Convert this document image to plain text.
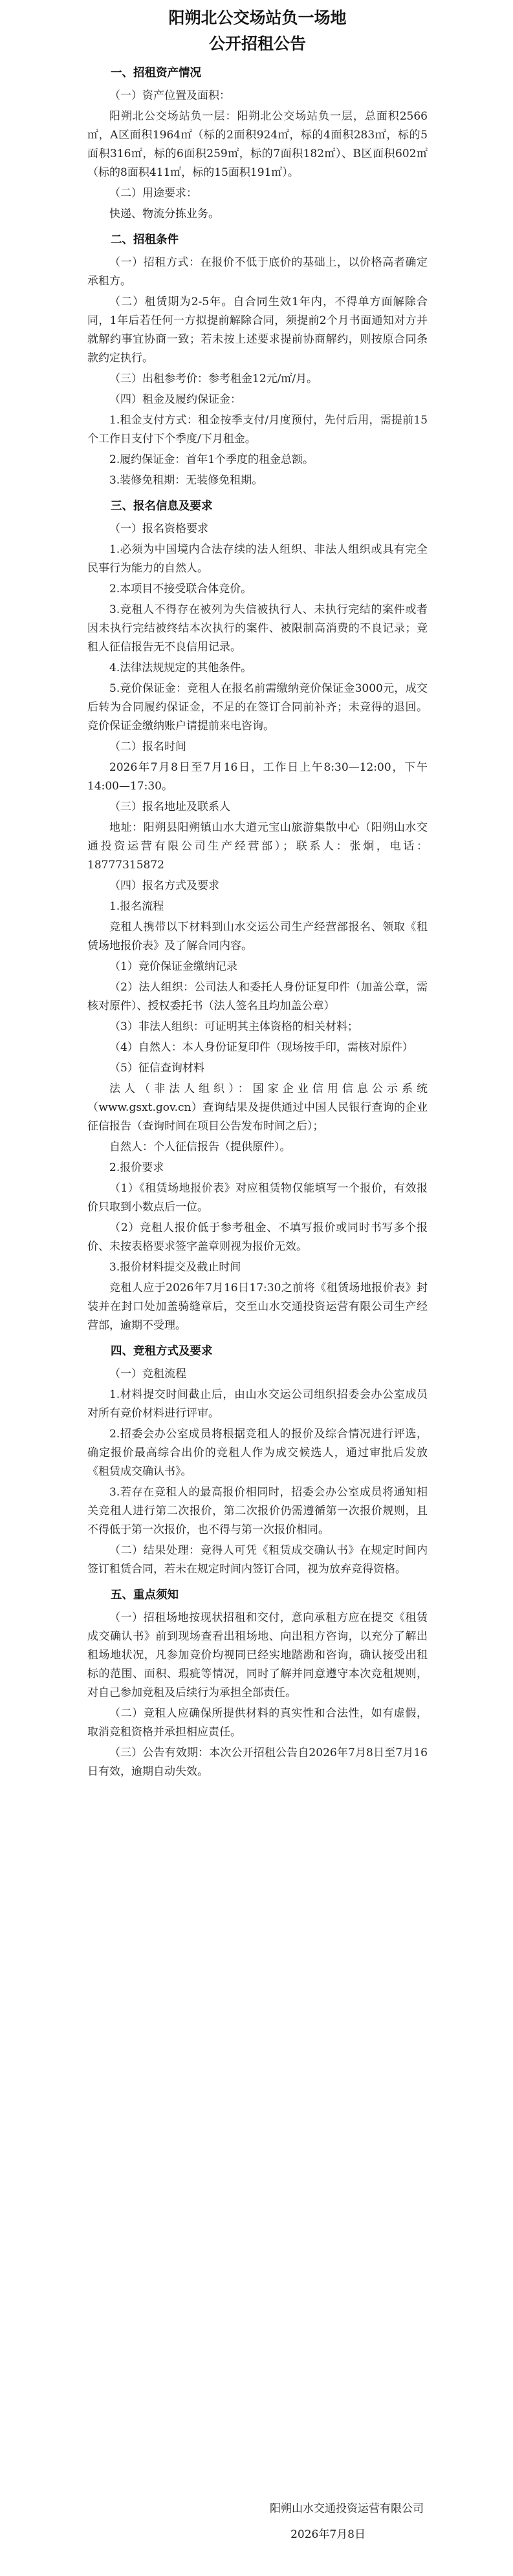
阳朔北公交场站负一场地
公开招租公告
一、招租资产情况

（一）资产位置及面积：

阳朔北公交场站负一层：阳朔北公交场站负一层，总面积2566㎡，A区面积1964㎡（标的2面积924㎡，标的4面积283㎡，标的5面积316㎡，标的6面积259㎡，标的7面积182㎡）、B区面积602㎡（标的8面积411㎡，标的15面积191㎡）。

（二）用途要求：

快递、物流分拣业务。

二、招租条件

（一）招租方式：在报价不低于底价的基础上，以价格高者确定承租方。

（二）租赁期为2-5年。自合同生效1年内，不得单方面解除合同，1年后若任何一方拟提前解除合同，须提前2个月书面通知对方并就解约事宜协商一致；若未按上述要求提前协商解约，则按原合同条款约定执行。

（三）出租参考价：参考租金12元/㎡/月。

（四）租金及履约保证金：

1.租金支付方式：租金按季支付/月度预付，先付后用，需提前15个工作日支付下个季度/下月租金。

2.履约保证金：首年1个季度的租金总额。

3.装修免租期：无装修免租期。

三、报名信息及要求

（一）报名资格要求

1.必须为中国境内合法存续的法人组织、非法人组织或具有完全民事行为能力的自然人。

2.本项目不接受联合体竞价。

3.竞租人不得存在被列为失信被执行人、未执行完结的案件或者因未执行完结被终结本次执行的案件、被限制高消费的不良记录；竞租人征信报告无不良信用记录。

4.法律法规规定的其他条件。

5.竞价保证金：竞租人在报名前需缴纳竞价保证金3000元，成交后转为合同履约保证金，不足的在签订合同前补齐；未竞得的退回。竞价保证金缴纳账户请提前来电咨询。

（二）报名时间

2026年7月8日至7月16日，工作日上午8:30—12:00，下午14:00—17:30。

（三）报名地址及联系人

地址：阳朔县阳朔镇山水大道元宝山旅游集散中心（阳朔山水交通投资运营有限公司生产经营部）；联系人：张炯，电话：18777315872

（四）报名方式及要求

1.报名流程

竞租人携带以下材料到山水交运公司生产经营部报名、领取《租赁场地报价表》及了解合同内容。

（1）竞价保证金缴纳记录

（2）法人组织：公司法人和委托人身份证复印件（加盖公章，需核对原件）、授权委托书（法人签名且均加盖公章）

（3）非法人组织：可证明其主体资格的相关材料；

（4）自然人：本人身份证复印件（现场按手印，需核对原件）

（5）征信查询材料

法人（非法人组织）：国家企业信用信息公示系统（www.gsxt.gov.cn）查询结果及提供通过中国人民银行查询的企业征信报告（查询时间在项目公告发布时间之后）；

自然人：个人征信报告（提供原件）。

2.报价要求

（1）《租赁场地报价表》对应租赁物仅能填写一个报价，有效报价只取到小数点后一位。

（2）竞租人报价低于参考租金、不填写报价或同时书写多个报价、未按表格要求签字盖章则视为报价无效。

3.报价材料提交及截止时间

竞租人应于2026年7月16日17:30之前将《租赁场地报价表》封装并在封口处加盖骑缝章后，交至山水交通投资运营有限公司生产经营部，逾期不受理。

四、竞租方式及要求

（一）竞租流程

1.材料提交时间截止后，由山水交运公司组织招委会办公室成员对所有竞价材料进行评审。

2.招委会办公室成员将根据竞租人的报价及综合情况进行评选，确定报价最高综合出价的竞租人作为成交候选人，通过审批后发放《租赁成交确认书》。

3.若存在竞租人的最高报价相同时，招委会办公室成员将通知相关竞租人进行第二次报价，第二次报价仍需遵循第一次报价规则，且不得低于第一次报价，也不得与第一次报价相同。

（二）结果处理：竞得人可凭《租赁成交确认书》在规定时间内签订租赁合同，若未在规定时间内签订合同，视为放弃竞得资格。

五、重点须知

（一）招租场地按现状招租和交付，意向承租方应在提交《租赁成交确认书》前到现场查看出租场地、向出租方咨询，以充分了解出租场地状况，凡参加竞价均视同已经实地踏勘和咨询，确认接受出租标的范围、面积、瑕疵等情况，同时了解并同意遵守本次竞租规则，对自己参加竞租及后续行为承担全部责任。

（二）竞租人应确保所提供材料的真实性和合法性，如有虚假，取消竞租资格并承担相应责任。

（三）公告有效期：本次公开招租公告自2026年7月8日至7月16日有效，逾期自动失效。

阳朔山水交通投资运营有限公司
2026年7月8日
